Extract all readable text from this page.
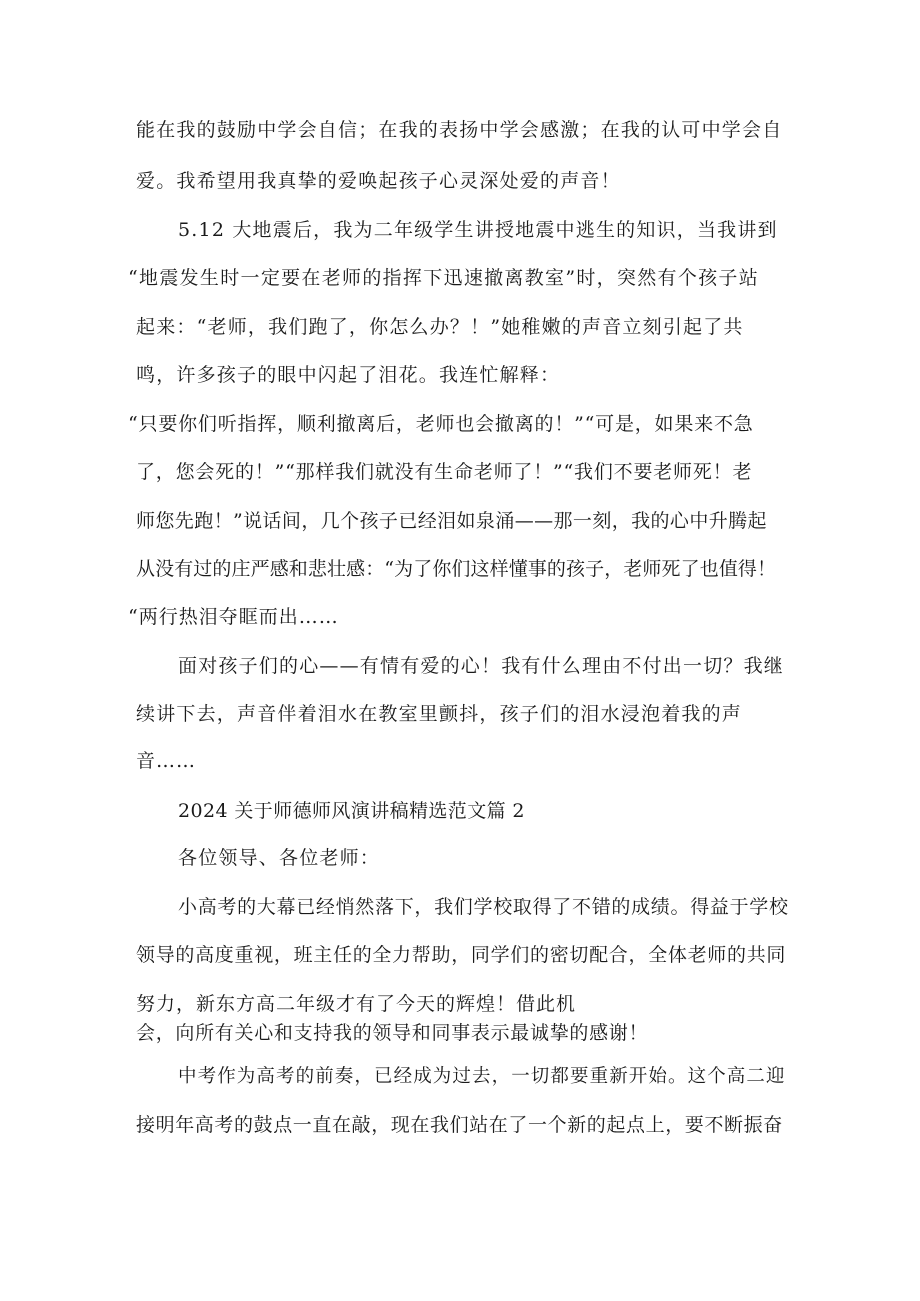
能在我的鼓励中学会自信；在我的表扬中学会感激；在我的认可中学会自
爱。我希望用我真挚的爱唤起孩子心灵深处爱的声音！
5.12 大地震后，我为二年级学生讲授地震中逃生的知识，当我讲到
“地震发生时一定要在老师的指挥下迅速撤离教室”时，突然有个孩子站
起来：“老师，我们跑了，你怎么办？！”她稚嫩的声音立刻引起了共
鸣，许多孩子的眼中闪起了泪花。我连忙解释：
“只要你们听指挥，顺利撤离后，老师也会撤离的！”“可是，如果来不急
了，您会死的！”“那样我们就没有生命老师了！”“我们不要老师死！老
师您先跑！”说话间，几个孩子已经泪如泉涌——那一刻，我的心中升腾起
从没有过的庄严感和悲壮感：“为了你们这样懂事的孩子，老师死了也值得！
“两行热泪夺眶而出……
面对孩子们的心——有情有爱的心！我有什么理由不付出一切？我继
续讲下去，声音伴着泪水在教室里颤抖，孩子们的泪水浸泡着我的声
音……
2024 关于师德师风演讲稿精选范文篇 2
各位领导、各位老师：
小高考的大幕已经悄然落下，我们学校取得了不错的成绩。得益于学校
领导的高度重视，班主任的全力帮助，同学们的密切配合，全体老师的共同
努力，新东方高二年级才有了今天的辉煌！借此机
会，向所有关心和支持我的领导和同事表示最诚挚的感谢！
中考作为高考的前奏，已经成为过去，一切都要重新开始。这个高二迎
接明年高考的鼓点一直在敲，现在我们站在了一个新的起点上，要不断振奋
